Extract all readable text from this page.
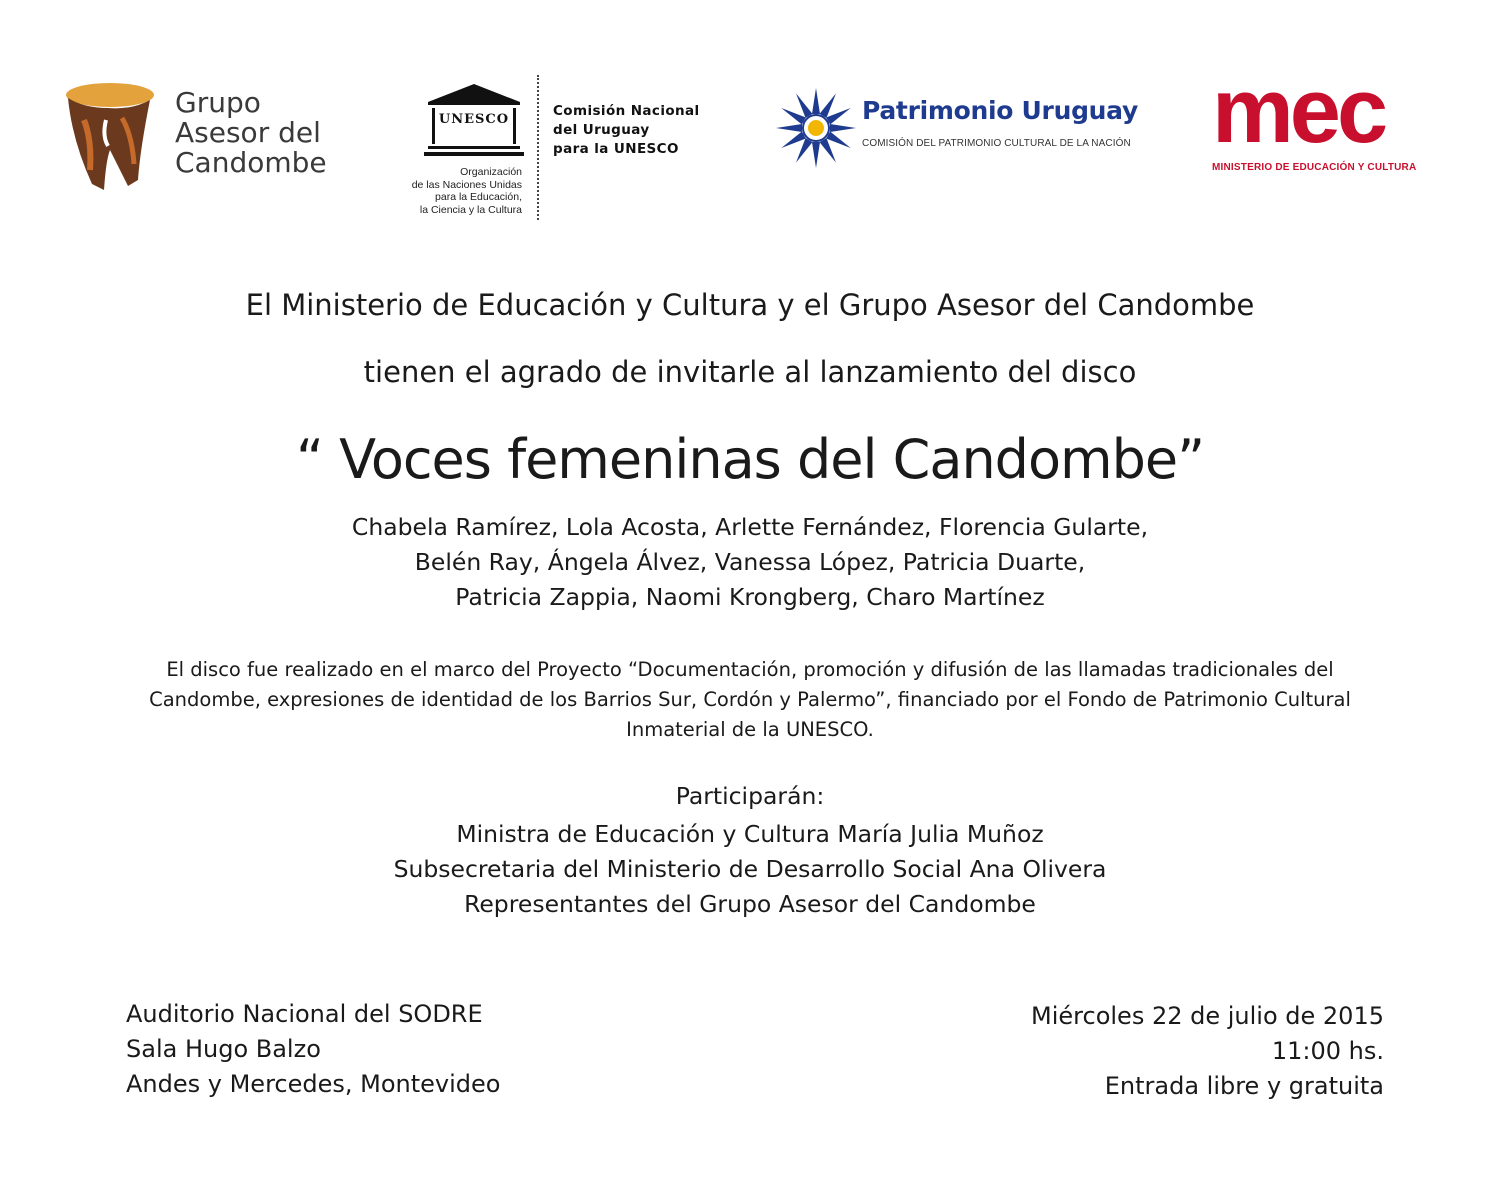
Grupo
Asesor del
Candombe
UNESCO
Organización
de las Naciones Unidas
para la Educación,
la Ciencia y la Cultura
Comisión Nacional
del Uruguay
para la UNESCO
Patrimonio Uruguay
COMISIÓN DEL PATRIMONIO CULTURAL DE LA NACIÓN mec
MINISTERIO DE EDUCACIÓN Y CULTURA
El Ministerio de Educación y Cultura y el Grupo Asesor del Candombe
tienen el agrado de invitarle al lanzamiento del disco
“ Voces femeninas del Candombe”
Chabela Ramírez, Lola Acosta, Arlette Fernández, Florencia Gularte,
Belén Ray, Ángela Álvez, Vanessa López, Patricia Duarte,
Patricia Zappia, Naomi Krongberg, Charo Martínez
El disco fue realizado en el marco del Proyecto “Documentación, promoción y difusión de las llamadas tradicionales del
Candombe, expresiones de identidad de los Barrios Sur, Cordón y Palermo”, financiado por el Fondo de Patrimonio Cultural
Inmaterial de la UNESCO.
Participarán:
Ministra de Educación y Cultura María Julia Muñoz
Subsecretaria del Ministerio de Desarrollo Social Ana Olivera
Representantes del Grupo Asesor del Candombe
Auditorio Nacional del SODRE
Sala Hugo Balzo
Andes y Mercedes, Montevideo
Miércoles 22 de julio de 2015
11:00 hs.
Entrada libre y gratuita
